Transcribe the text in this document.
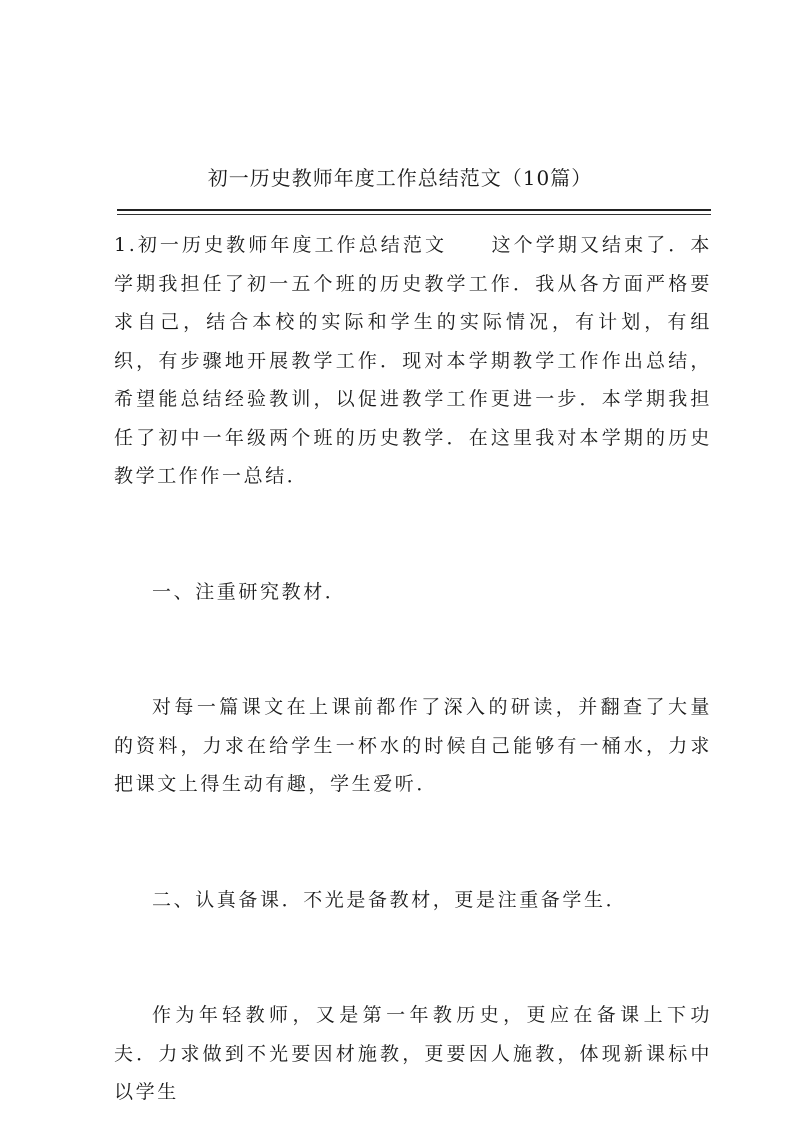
初一历史教师年度工作总结范文（10篇）

1.初一历史教师年度工作总结范文 这个学期又结束了．本学期我担任了初一五个班的历史教学工作．我从各方面严格要求自己，结合本校的实际和学生的实际情况，有计划，有组织，有步骤地开展教学工作．现对本学期教学工作作出总结，希望能总结经验教训，以促进教学工作更进一步．本学期我担任了初中一年级两个班的历史教学．在这里我对本学期的历史教学工作作一总结．

一、注重研究教材．

对每一篇课文在上课前都作了深入的研读，并翻查了大量的资料，力求在给学生一杯水的时候自己能够有一桶水，力求把课文上得生动有趣，学生爱听．

二、认真备课．不光是备教材，更是注重备学生．

作为年轻教师，又是第一年教历史，更应在备课上下功夫．力求做到不光要因材施教，更要因人施教，体现新课标中以学生
